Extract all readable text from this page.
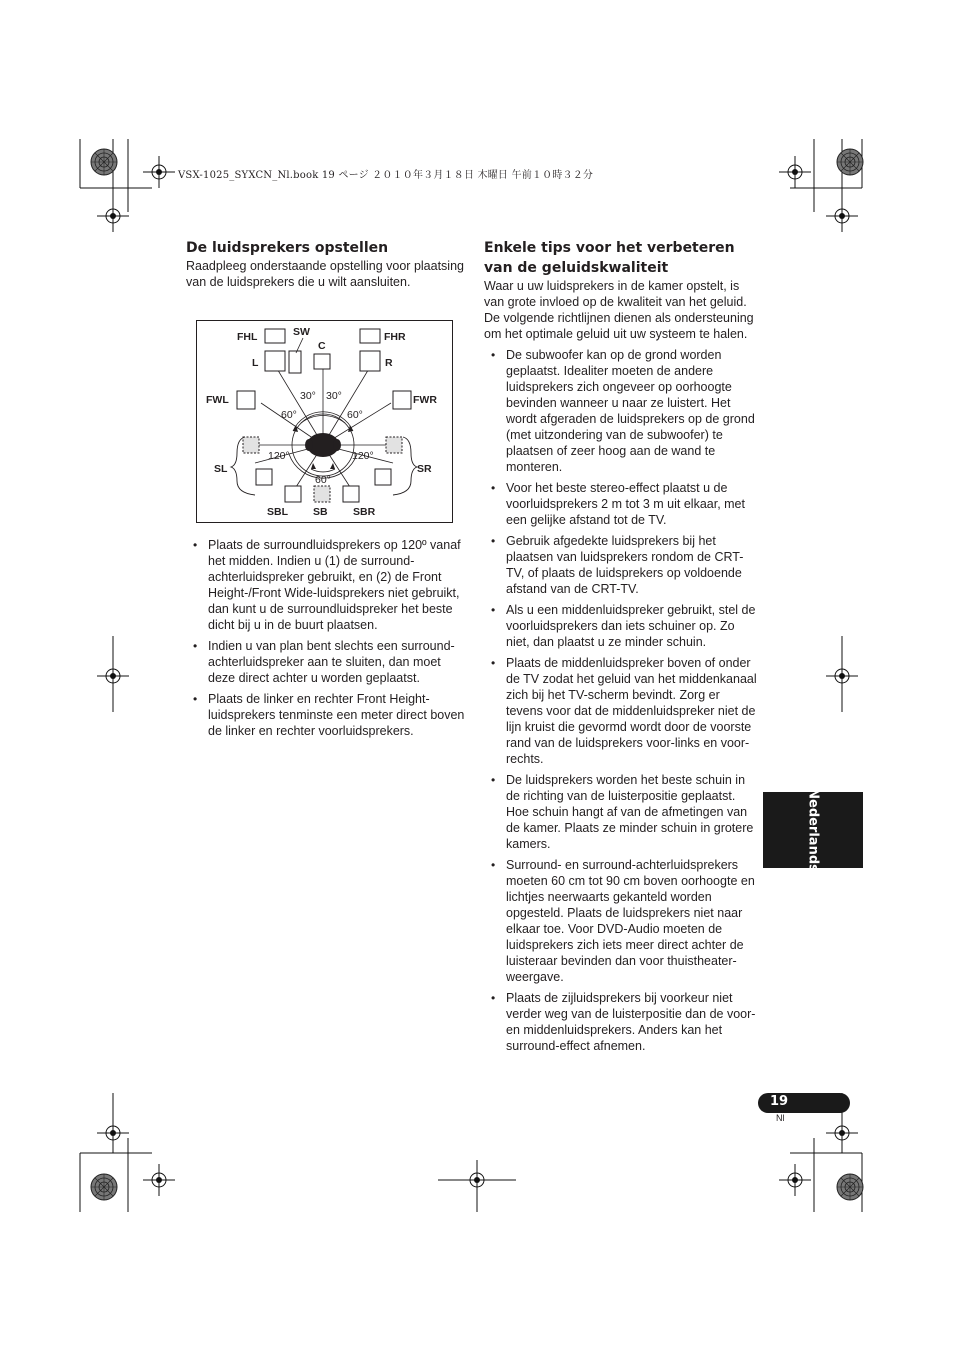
VSX-1025_SYXCN_Nl.book 19 ページ ２０１０年３月１８日 木曜日 午前１０時３２分
De luidsprekers opstellen

Raadpleeg onderstaande opstelling voor plaatsing van de luidsprekers die u wilt aansluiten.

FHL	SW
C
FHR
L	R
FWL	FWR
SL	SR
SBL SB SBR
30° 30°
60°	60°
120°	120°
60°
• Plaats de surroundluidsprekers op 120º vanaf het midden. Indien u (1) de surround-achterluidspreker gebruikt, en (2) de Front Height-/Front Wide-luidsprekers niet gebruikt, dan kunt u de surroundluidspreker het beste dicht bij u in de buurt plaatsen.
• Indien u van plan bent slechts een surround-achterluidspreker aan te sluiten, dan moet deze direct achter u worden geplaatst.
• Plaats de linker en rechter Front Height-luidsprekers tenminste een meter direct boven de linker en rechter voorluidsprekers.
Enkele tips voor het verbeteren van de geluidskwaliteit

Waar u uw luidsprekers in de kamer opstelt, is van grote invloed op de kwaliteit van het geluid. De volgende richtlijnen dienen als ondersteuning om het optimale geluid uit uw systeem te halen.

• De subwoofer kan op de grond worden geplaatst. Idealiter moeten de andere luidsprekers zich ongeveer op oorhoogte bevinden wanneer u naar ze luistert. Het wordt afgeraden de luidsprekers op de grond (met uitzondering van de subwoofer) te plaatsen of zeer hoog aan de wand te monteren.
• Voor het beste stereo-effect plaatst u de voorluidsprekers 2 m tot 3 m uit elkaar, met een gelijke afstand tot de TV.
• Gebruik afgedekte luidsprekers bij het plaatsen van luidsprekers rondom de CRT-TV, of plaats de luidsprekers op voldoende afstand van de CRT-TV.
• Als u een middenluidspreker gebruikt, stel de voorluidsprekers dan iets schuiner op. Zo niet, dan plaatst u ze minder schuin.
• Plaats de middenluidspreker boven of onder de TV zodat het geluid van het middenkanaal zich bij het TV-scherm bevindt. Zorg er tevens voor dat de middenluidspreker niet de lijn kruist die gevormd wordt door de voorste rand van de luidsprekers voor-links en voor-rechts.
• De luidsprekers worden het beste schuin in de richting van de luisterpositie geplaatst. Hoe schuin hangt af van de afmetingen van de kamer. Plaats ze minder schuin in grotere kamers.
• Surround- en surround-achterluidsprekers moeten 60 cm tot 90 cm boven oorhoogte en lichtjes neerwaarts gekanteld worden opgesteld. Plaats de luidsprekers niet naar elkaar toe. Voor DVD-Audio moeten de luidsprekers zich iets meer direct achter de luisteraar bevinden dan voor thuistheater-weergave.
• Plaats de zijluidsprekers bij voorkeur niet verder weg van de luisterpositie dan de voor- en middenluidsprekers. Anders kan het surround-effect afnemen.
Nederlands
19
Nl
